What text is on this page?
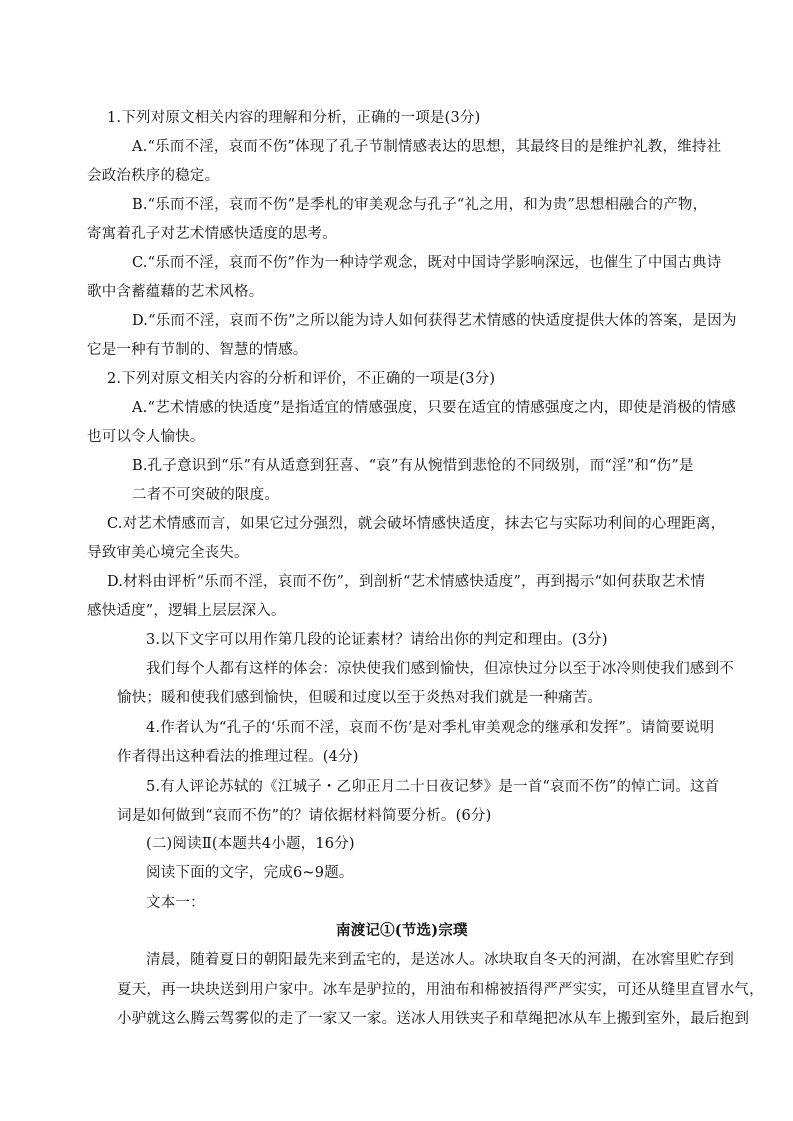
1.下列对原文相关内容的理解和分析，正确的一项是(3分)
A.“乐而不淫，哀而不伤”体现了孔子节制情感表达的思想，其最终目的是维护礼教，维持社
会政治秩序的稳定。
B.“乐而不淫，哀而不伤”是季札的审美观念与孔子“礼之用，和为贵”思想相融合的产物，
寄寓着孔子对艺术情感快适度的思考。
C.“乐而不淫，哀而不伤”作为一种诗学观念，既对中国诗学影响深远，也催生了中国古典诗
歌中含蓄蕴藉的艺术风格。
D.“乐而不淫，哀而不伤”之所以能为诗人如何获得艺术情感的快适度提供大体的答案，是因为
它是一种有节制的、智慧的情感。
2.下列对原文相关内容的分析和评价，不正确的一项是(3分)
A.“艺术情感的快适度”是指适宜的情感强度，只要在适宜的情感强度之内，即使是消极的情感
也可以令人愉快。
B.孔子意识到“乐”有从适意到狂喜、“哀”有从惋惜到悲怆的不同级别，而“淫”和“伤”是
二者不可突破的限度。
C.对艺术情感而言，如果它过分强烈，就会破坏情感快适度，抹去它与实际功利间的心理距离，
导致审美心境完全丧失。
D.材料由评析“乐而不淫，哀而不伤”，到剖析“艺术情感快适度”，再到揭示“如何获取艺术情
感快适度”，逻辑上层层深入。
3.以下文字可以用作第几段的论证素材？请给出你的判定和理由。(3分)
我们每个人都有这样的体会：凉快使我们感到愉快，但凉快过分以至于冰冷则使我们感到不
愉快；暖和使我们感到愉快，但暖和过度以至于炎热对我们就是一种痛苦。
4.作者认为“孔子的‘乐而不淫，哀而不伤’是对季札审美观念的继承和发挥”。请简要说明
作者得出这种看法的推理过程。(4分)
5.有人评论苏轼的《江城子・乙卯正月二十日夜记梦》是一首“哀而不伤”的悼亡词。这首
词是如何做到“哀而不伤”的？请依据材料简要分析。(6分)
(二)阅读Ⅱ(本题共4小题，16分)
阅读下面的文字，完成6~9题。
文本一：
南渡记①(节选)宗璞
清晨，随着夏日的朝阳最先来到孟宅的，是送冰人。冰块取自冬天的河湖，在冰窖里贮存到
夏天，再一块块送到用户家中。冰车是驴拉的，用油布和棉被捂得严严实实，可还从缝里直冒水气，
小驴就这么腾云驾雾似的走了一家又一家。送冰人用铁夹子和草绳把冰从车上搬到室外，最后抱到
